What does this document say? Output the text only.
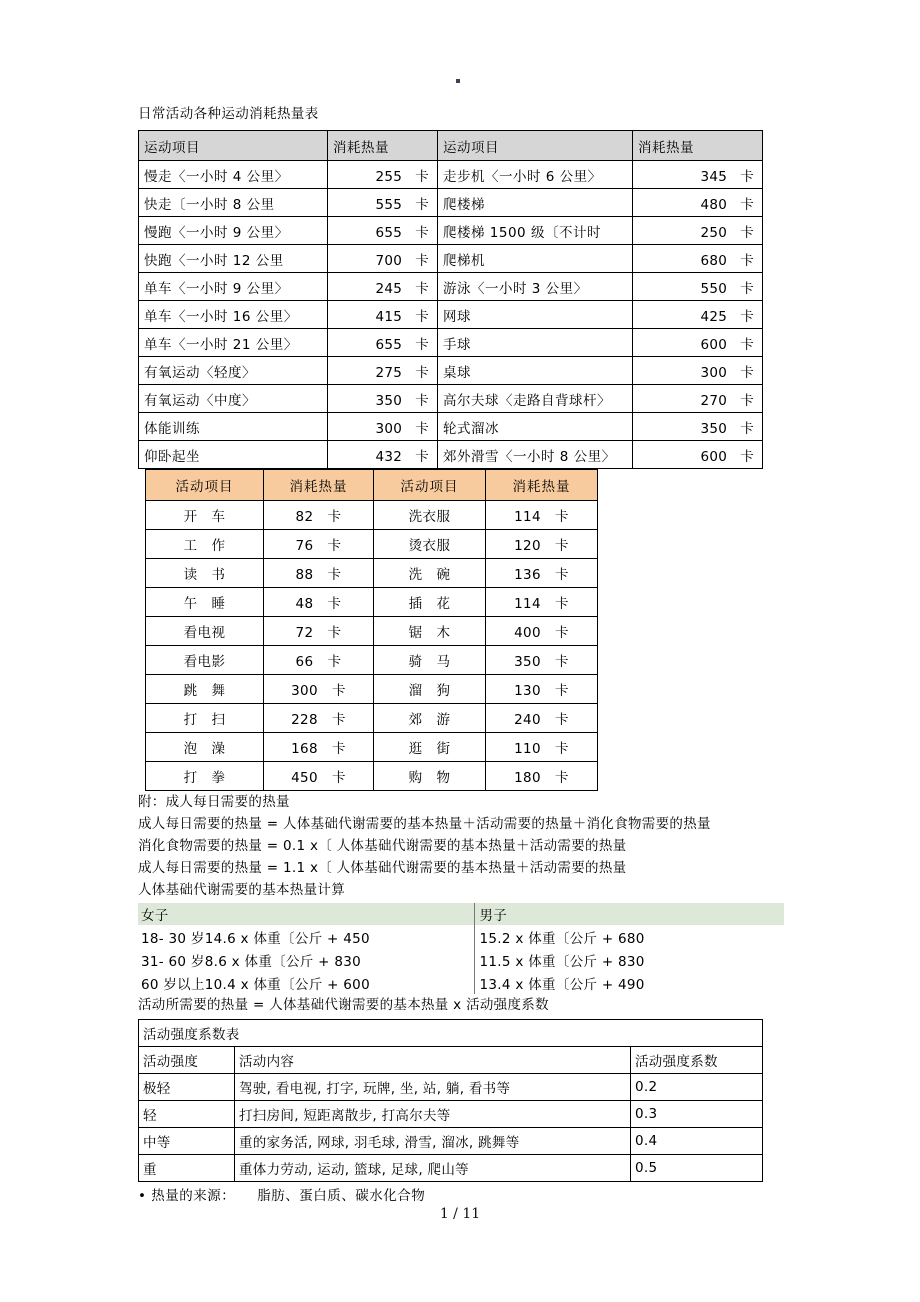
日常活动各种运动消耗热量表
运动项目	消耗热量	运动项目	消耗热量
慢走〈一小时 4 公里〉	255 卡	走步机〈一小时 6 公里〉	345 卡
快走〔一小时 8 公里	555 卡	爬楼梯	480 卡
慢跑〈一小时 9 公里〉	655 卡	爬楼梯 1500 级〔不计时	250 卡
快跑〈一小时 12 公里	700 卡	爬梯机	680 卡
单车〈一小时 9 公里〉	245 卡	游泳〈一小时 3 公里〉	550 卡
单车〈一小时 16 公里〉	415 卡	网球	425 卡
单车〈一小时 21 公里〉	655 卡	手球	600 卡
有氧运动〈轻度〉	275 卡	桌球	300 卡
有氧运动〈中度〉	350 卡	高尔夫球〈走路自背球杆〉	270 卡
体能训练	300 卡	轮式溜冰	350 卡
仰卧起坐	432 卡	郊外滑雪〈一小时 8 公里〉	600 卡
活动项目	消耗热量	活动项目	消耗热量
开 车	82 卡	洗衣服	114 卡
工 作	76 卡	烫衣服	120 卡
读 书	88 卡	洗 碗	136 卡
午 睡	48 卡	插 花	114 卡
看电视	72 卡	锯 木	400 卡
看电影	66 卡	骑 马	350 卡
跳 舞	300 卡	溜 狗	130 卡
打 扫	228 卡	郊 游	240 卡
泡 澡	168 卡	逛 街	110 卡
打 拳	450 卡	购 物	180 卡
附：成人每日需要的热量
成人每日需要的热量 = 人体基础代谢需要的基本热量＋活动需要的热量＋消化食物需要的热量
消化食物需要的热量 = 0.1 x〔 人体基础代谢需要的基本热量＋活动需要的热量
成人每日需要的热量 = 1.1 x〔 人体基础代谢需要的基本热量＋活动需要的热量
人体基础代谢需要的基本热量计算
女子	男子
18- 30 岁14.6 x 体重〔公斤 + 450	15.2 x 体重〔公斤 + 680
31- 60 岁8.6 x 体重〔公斤 + 830	11.5 x 体重〔公斤 + 830
60 岁以上10.4 x 体重〔公斤 + 600	13.4 x 体重〔公斤 + 490
活动所需要的热量 = 人体基础代谢需要的基本热量 x 活动强度系数
活动强度系数表		
活动强度	活动内容	活动强度系数
极轻	驾驶, 看电视, 打字, 玩牌, 坐, 站, 躺, 看书等	0.2
轻	打扫房间, 短距离散步, 打高尔夫等	0.3
中等	重的家务活, 网球, 羽毛球, 滑雪, 溜冰, 跳舞等	0.4
重	重体力劳动, 运动, 篮球, 足球, 爬山等	0.5
• 热量的来源： 脂肪、蛋白质、碳水化合物
1 / 11
